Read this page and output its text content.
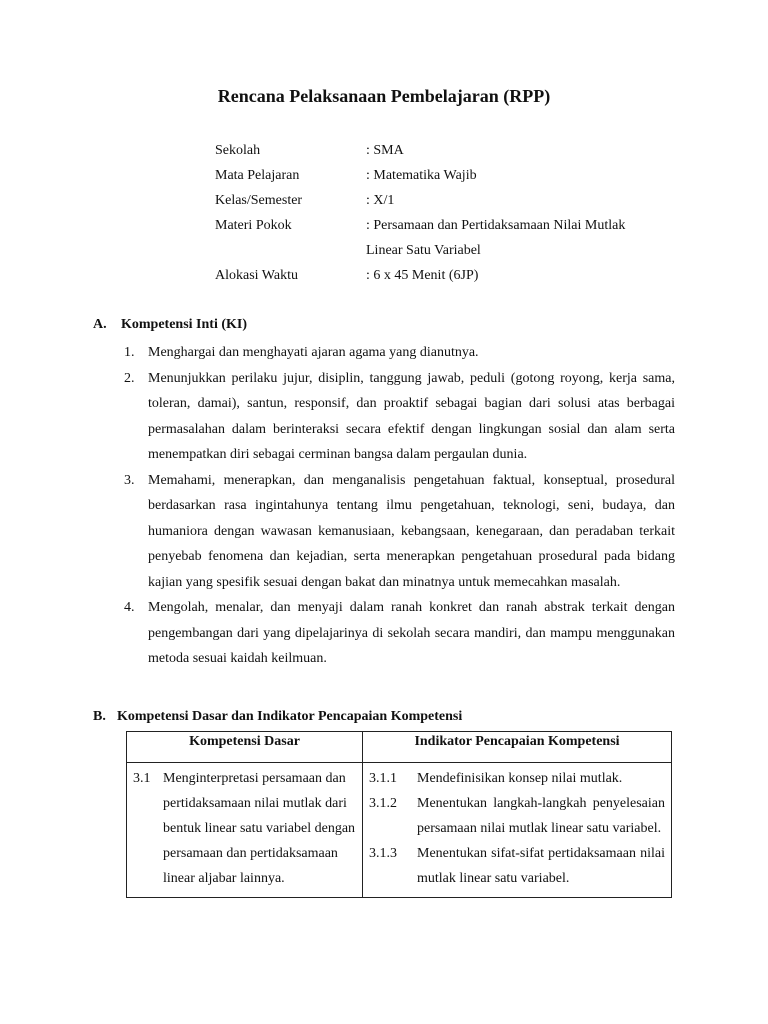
Rencana Pelaksanaan Pembelajaran (RPP)
Sekolah	: SMA
Mata Pelajaran	: Matematika Wajib
Kelas/Semester	: X/1
Materi Pokok	: Persamaan dan Pertidaksamaan Nilai Mutlak
Linear Satu Variabel
Alokasi Waktu	: 6 x 45 Menit (6JP)
A. Kompetensi Inti (KI)
1. Menghargai dan menghayati ajaran agama yang dianutnya.
2. Menunjukkan perilaku jujur, disiplin, tanggung jawab, peduli (gotong royong, kerja sama, toleran, damai), santun, responsif, dan proaktif sebagai bagian dari solusi atas berbagai permasalahan dalam berinteraksi secara efektif dengan lingkungan sosial dan alam serta menempatkan diri sebagai cerminan bangsa dalam pergaulan dunia.
3. Memahami, menerapkan, dan menganalisis pengetahuan faktual, konseptual, prosedural berdasarkan rasa ingintahunya tentang ilmu pengetahuan, teknologi, seni, budaya, dan humaniora dengan wawasan kemanusiaan, kebangsaan, kenegaraan, dan peradaban terkait penyebab fenomena dan kejadian, serta menerapkan pengetahuan prosedural pada bidang kajian yang spesifik sesuai dengan bakat dan minatnya untuk memecahkan masalah.
4. Mengolah, menalar, dan menyaji dalam ranah konkret dan ranah abstrak terkait dengan pengembangan dari yang dipelajarinya di sekolah secara mandiri, dan mampu menggunakan metoda sesuai kaidah keilmuan.
B. Kompetensi Dasar dan Indikator Pencapaian Kompetensi
Kompetensi Dasar	Indikator Pencapaian Kompetensi

3.1 Menginterpretasi persamaan dan pertidaksamaan nilai mutlak dari bentuk linear satu variabel dengan persamaan dan pertidaksamaan linear aljabar lainnya.

3.1.1 Mendefinisikan konsep nilai mutlak.
3.1.2 Menentukan langkah-langkah penyelesaian persamaan nilai mutlak linear satu variabel.
3.1.3 Menentukan sifat-sifat pertidaksamaan nilai mutlak linear satu variabel.
